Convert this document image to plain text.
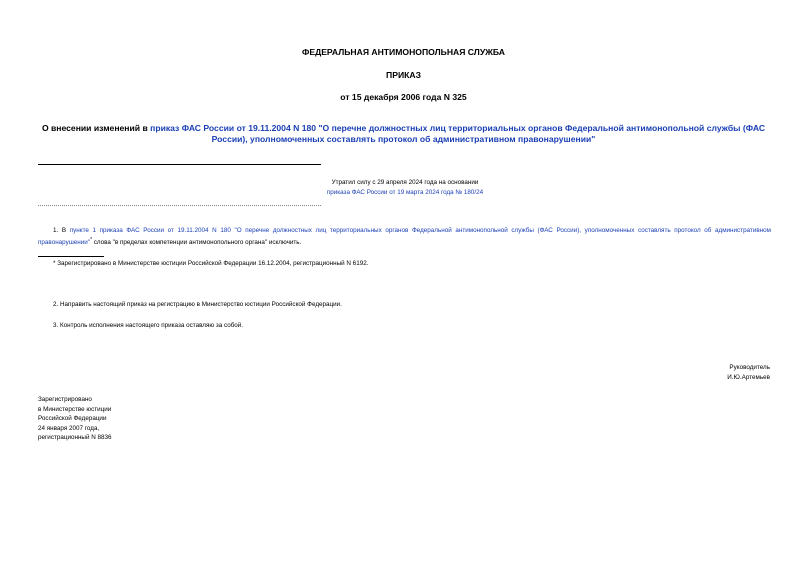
ФЕДЕРАЛЬНАЯ АНТИМОНОПОЛЬНАЯ СЛУЖБА
ПРИКАЗ
от 15 декабря 2006 года N 325
О внесении изменений в приказ ФАС России от 19.11.2004 N 180 "О перечне должностных лиц территориальных органов Федеральной антимонопольной службы (ФАС России), уполномоченных составлять протокол об административном правонарушении"
Утратил силу с 29 апреля 2024 года на основании
приказа ФАС России от 19 марта 2024 года № 180/24
1. В пункте 1 приказа ФАС России от 19.11.2004 N 180 "О перечне должностных лиц территориальных органов Федеральной антимонопольной службы (ФАС России), уполномоченных составлять протокол об административном правонарушении"* слова "в пределах компетенции антимонопольного органа" исключить.
* Зарегистрировано в Министерстве юстиции Российской Федерации 16.12.2004, регистрационный N 6192.
2. Направить настоящий приказ на регистрацию в Министерство юстиции Российской Федерации.
3. Контроль исполнения настоящего приказа оставляю за собой.
Руководитель
И.Ю.Артемьев
Зарегистрировано
в Министерстве юстиции
Российской Федерации
24 января 2007 года,
регистрационный N 8836
